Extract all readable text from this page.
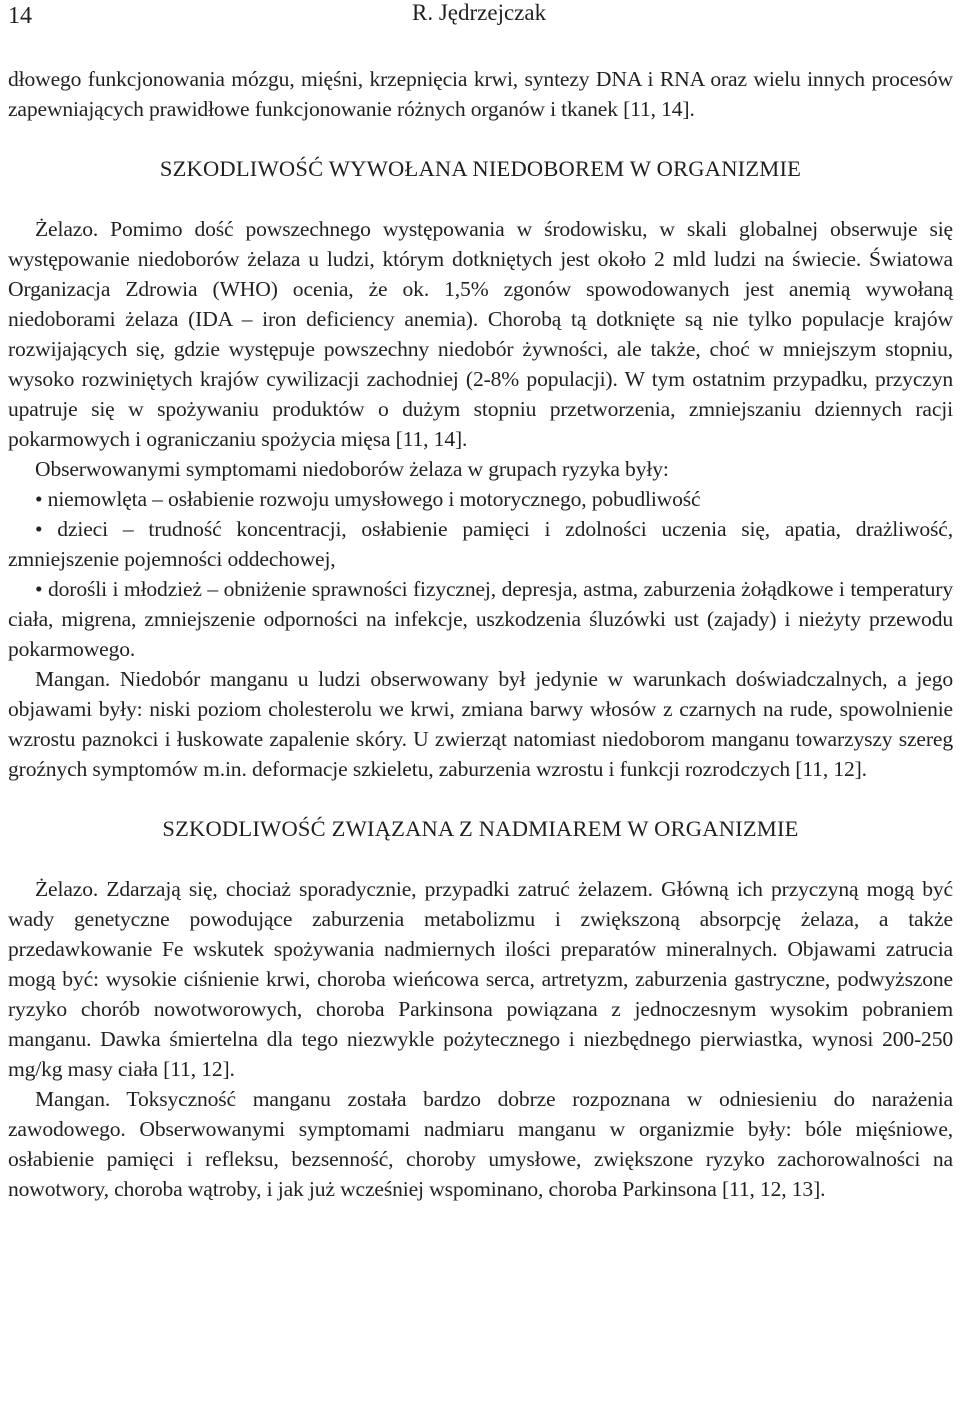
14	R. Jędrzejczak

dłowego funkcjonowania mózgu, mięśni, krzepnięcia krwi, syntezy DNA i RNA oraz wielu innych procesów zapewniających prawidłowe funkcjonowanie różnych organów i tkanek [11, 14].

SZKODLIWOŚĆ WYWOŁANA NIEDOBOREM W ORGANIZMIE

Żelazo. Pomimo dość powszechnego występowania w środowisku, w skali globalnej obserwuje się występowanie niedoborów żelaza u ludzi, którym dotkniętych jest około 2 mld ludzi na świecie. Światowa Organizacja Zdrowia (WHO) ocenia, że ok. 1,5% zgonów spowodowanych jest anemią wywołaną niedoborami żelaza (IDA – iron deficiency anemia). Chorobą tą dotknięte są nie tylko populacje krajów rozwijających się, gdzie występuje powszechny niedobór żywności, ale także, choć w mniejszym stopniu, wysoko rozwiniętych krajów cywilizacji zachodniej (2-8% populacji). W tym ostatnim przypadku, przyczyn upatruje się w spożywaniu produktów o dużym stopniu przetworzenia, zmniejszaniu dziennych racji pokarmowych i ograniczaniu spożycia mięsa [11, 14].

Obserwowanymi symptomami niedoborów żelaza w grupach ryzyka były:

• niemowlęta – osłabienie rozwoju umysłowego i motorycznego, pobudliwość

• dzieci – trudność koncentracji, osłabienie pamięci i zdolności uczenia się, apatia, drażliwość, zmniejszenie pojemności oddechowej,

• dorośli i młodzież – obniżenie sprawności fizycznej, depresja, astma, zaburzenia żołądkowe i temperatury ciała, migrena, zmniejszenie odporności na infekcje, uszkodzenia śluzówki ust (zajady) i nieżyty przewodu pokarmowego.

Mangan. Niedobór manganu u ludzi obserwowany był jedynie w warunkach doświadczalnych, a jego objawami były: niski poziom cholesterolu we krwi, zmiana barwy włosów z czarnych na rude, spowolnienie wzrostu paznokci i łuskowate zapalenie skóry. U zwierząt natomiast niedoborom manganu towarzyszy szereg groźnych symptomów m.in. deformacje szkieletu, zaburzenia wzrostu i funkcji rozrodczych [11, 12].

SZKODLIWOŚĆ ZWIĄZANA Z NADMIAREM W ORGANIZMIE

Żelazo. Zdarzają się, chociaż sporadycznie, przypadki zatruć żelazem. Główną ich przyczyną mogą być wady genetyczne powodujące zaburzenia metabolizmu i zwiększoną absorpcję żelaza, a także przedawkowanie Fe wskutek spożywania nadmiernych ilości preparatów mineralnych. Objawami zatrucia mogą być: wysokie ciśnienie krwi, choroba wieńcowa serca, artretyzm, zaburzenia gastryczne, podwyższone ryzyko chorób nowotworowych, choroba Parkinsona powiązana z jednoczesnym wysokim pobraniem manganu. Dawka śmiertelna dla tego niezwykle pożytecznego i niezbędnego pierwiastka, wynosi 200-250 mg/kg masy ciała [11, 12].

Mangan. Toksyczność manganu została bardzo dobrze rozpoznana w odniesieniu do narażenia zawodowego. Obserwowanymi symptomami nadmiaru manganu w organizmie były: bóle mięśniowe, osłabienie pamięci i refleksu, bezsenność, choroby umysłowe, zwiększone ryzyko zachorowalności na nowotwory, choroba wątroby, i jak już wcześniej wspominano, choroba Parkinsona [11, 12, 13].
